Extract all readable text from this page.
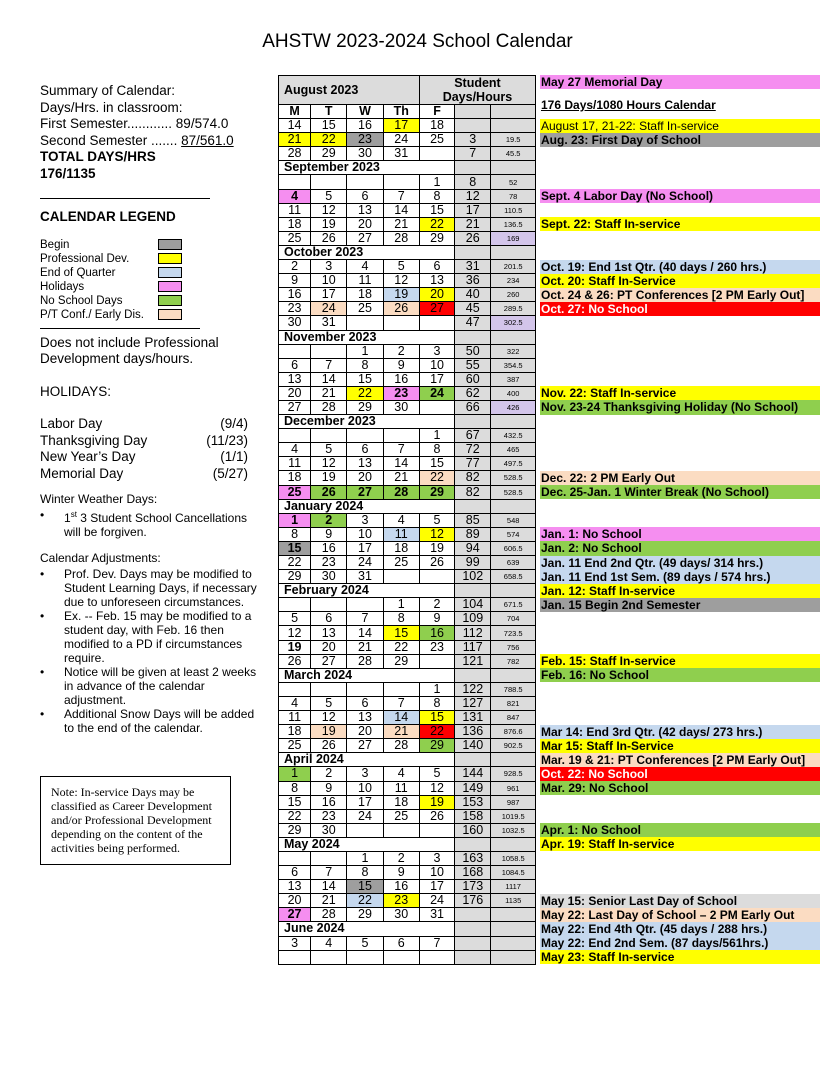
AHSTW 2023-2024 School Calendar
Summary of Calendar:
Days/Hrs. in classroom:
First Semester............ 89/574.0
Second Semester ....... 87/561.0
TOTAL DAYS/HRS
176/1135
CALENDAR LEGEND
Begin
Professional Dev.
End of Quarter
Holidays
No School Days
P/T Conf./ Early Dis.
Does not include Professional Development days/hours.
HOLIDAYS:
Labor Day	(9/4)
Thanksgiving Day	(11/23)
New Year’s Day	(1/1)
Memorial Day	(5/27)
Winter Weather Days:
•	1st 3 Student School Cancellations will be forgiven.
Calendar Adjustments:
•	Prof. Dev. Days may be modified to Student Learning Days, if necessary due to unforeseen circumstances.
•	Ex. -- Feb. 15 may be modified to a student day, with Feb. 16 then modified to a PD if circumstances require.
•	Notice will be given at least 2 weeks in advance of the calendar adjustment.
•	Additional Snow Days will be added to the end of the calendar.
Note: In-service Days may be classified as Career Development and/or Professional Development depending on the content of the activities being performed.
August 2023				Student Days/Hours		
M	T	W	Th	F		
14	15	16	17	18		
21	22	23	24	25	3	19.5
28	29	30	31		7	45.5
September 2023						
				1	8	52
4	5	6	7	8	12	78
11	12	13	14	15	17	110.5
18	19	20	21	22	21	136.5
25	26	27	28	29	26	169
October 2023						
2	3	4	5	6	31	201.5
9	10	11	12	13	36	234
16	17	18	19	20	40	260
23	24	25	26	27	45	289.5
30	31				47	302.5
November 2023						
		1	2	3	50	322
6	7	8	9	10	55	354.5
13	14	15	16	17	60	387
20	21	22	23	24	62	400
27	28	29	30		66	426
December 2023						
				1	67	432.5
4	5	6	7	8	72	465
11	12	13	14	15	77	497.5
18	19	20	21	22	82	528.5
25	26	27	28	29	82	528.5
January 2024						
1	2	3	4	5	85	548
8	9	10	11	12	89	574
15	16	17	18	19	94	606.5
22	23	24	25	26	99	639
29	30	31			102	658.5
February 2024						
			1	2	104	671.5
5	6	7	8	9	109	704
12	13	14	15	16	112	723.5
19	20	21	22	23	117	756
26	27	28	29		121	782
March 2024						
				1	122	788.5
4	5	6	7	8	127	821
11	12	13	14	15	131	847
18	19	20	21	22	136	876.6
25	26	27	28	29	140	902.5
April 2024						
1	2	3	4	5	144	928.5
8	9	10	11	12	149	961
15	16	17	18	19	153	987
22	23	24	25	26	158	1019.5
29	30				160	1032.5
May 2024						
		1	2	3	163	1058.5
6	7	8	9	10	168	1084.5
13	14	15	16	17	173	1117
20	21	22	23	24	176	1135
27	28	29	30	31		
June 2024						
3	4	5	6	7		

176 Days/1080 Hours Calendar
August 17, 21-22: Staff In-service
Aug. 23: First Day of School
Sept. 4 Labor Day (No School)
Sept. 22: Staff In-service
Oct. 19: End 1st Qtr. (40 days / 260 hrs.)
Oct. 20: Staff In-Service
Oct. 24 & 26: PT Conferences [2 PM Early Out]
Oct. 27: No School
Nov. 22: Staff In-service
Nov. 23-24 Thanksgiving Holiday (No School)
Dec. 22: 2 PM Early Out
Dec. 25-Jan. 1 Winter Break (No School)
Jan. 1: No School
Jan. 2: No School
Jan. 11 End 2nd Qtr. (49 days/ 314 hrs.)
Jan. 11 End 1st Sem. (89 days / 574 hrs.)
Jan. 12: Staff In-service
Jan. 15 Begin 2nd Semester
Feb. 15: Staff In-service
Feb. 16: No School
Mar 14: End 3rd Qtr. (42 days/ 273 hrs.)
Mar 15: Staff In-Service
Mar. 19 & 21: PT Conferences [2 PM Early Out]
Oct. 22: No School
Mar. 29: No School
Apr. 1: No School
Apr. 19: Staff In-service
May 15: Senior Last Day of School
May 22: Last Day of School – 2 PM Early Out
May 22: End 4th Qtr. (45 days / 288 hrs.)
May 22: End 2nd Sem. (87 days/561hrs.)
May 23: Staff In-service
May 27 Memorial Day
